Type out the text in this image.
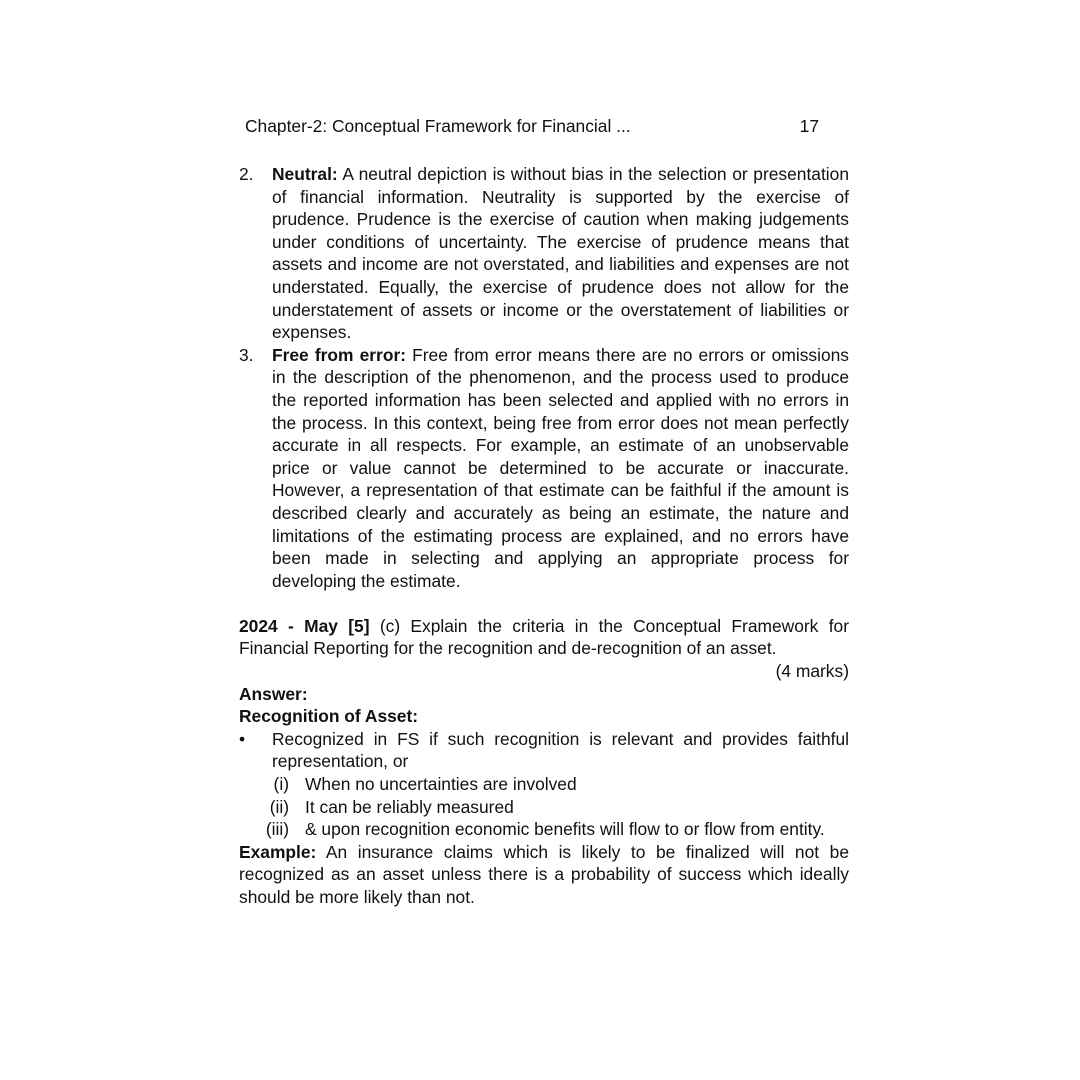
Chapter-2: Conceptual Framework for Financial ...	17
2.	Neutral: A neutral depiction is without bias in the selection or presentation of financial information. Neutrality is supported by the exercise of prudence. Prudence is the exercise of caution when making judgements under conditions of uncertainty. The exercise of prudence means that assets and income are not overstated, and liabilities and expenses are not understated. Equally, the exercise of prudence does not allow for the understatement of assets or income or the overstatement of liabilities or expenses.
3.	Free from error: Free from error means there are no errors or omissions in the description of the phenomenon, and the process used to produce the reported information has been selected and applied with no errors in the process. In this context, being free from error does not mean perfectly accurate in all respects. For example, an estimate of an unobservable price or value cannot be determined to be accurate or inaccurate. However, a representation of that estimate can be faithful if the amount is described clearly and accurately as being an estimate, the nature and limitations of the estimating process are explained, and no errors have been made in selecting and applying an appropriate process for developing the estimate.
2024 - May [5] (c) Explain the criteria in the Conceptual Framework for Financial Reporting for the recognition and de-recognition of an asset.
(4 marks)
Answer:
Recognition of Asset:
•	Recognized in FS if such recognition is relevant and provides faithful representation, or
(i) When no uncertainties are involved
(ii) It can be reliably measured
(iii) & upon recognition economic benefits will flow to or flow from entity.
Example: An insurance claims which is likely to be finalized will not be recognized as an asset unless there is a probability of success which ideally should be more likely than not.
